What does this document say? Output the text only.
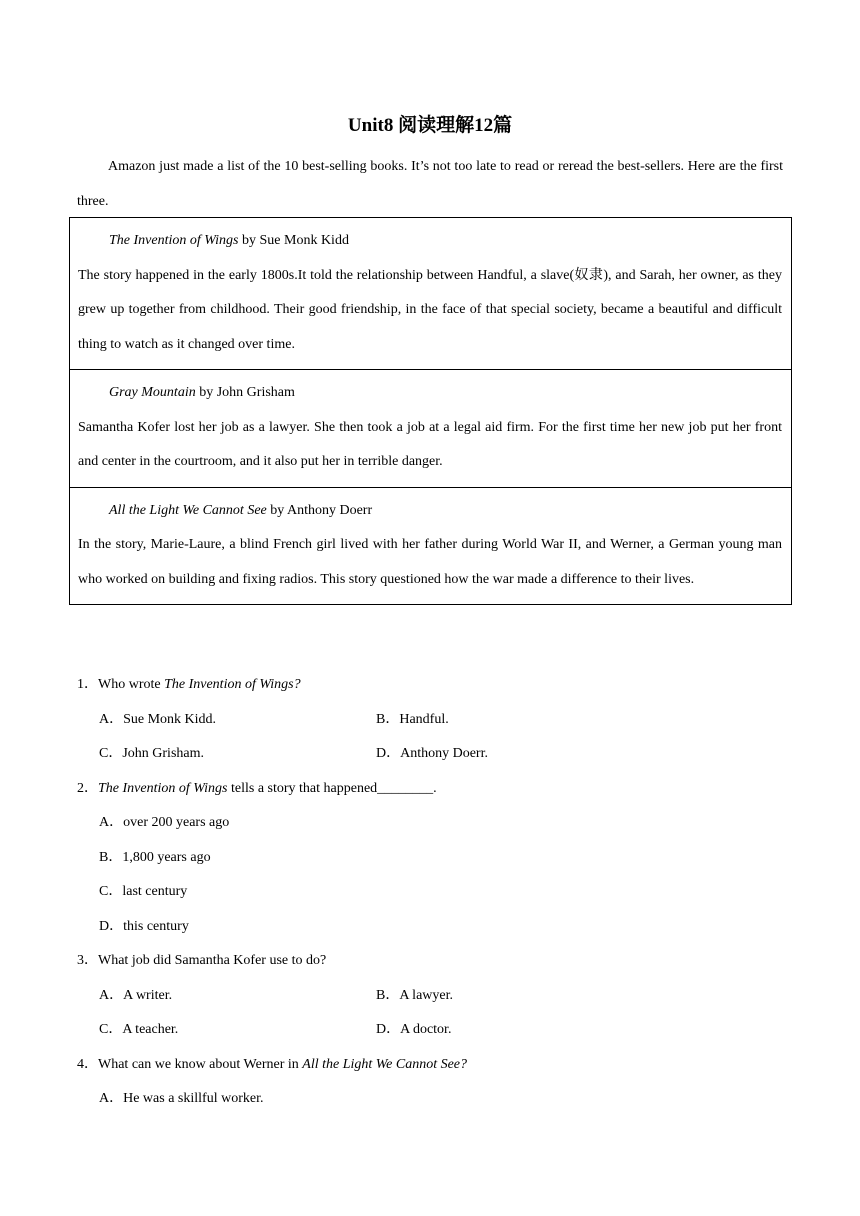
Unit8 阅读理解12篇

Amazon just made a list of the 10 best-selling books. It’s not too late to read or reread the best-sellers. Here are the first three.

The Invention of Wings by Sue Monk Kidd

The story happened in the early 1800s.It told the relationship between Handful, a slave(奴隶), and Sarah, her owner, as they grew up together from childhood. Their good friendship, in the face of that special society, became a beautiful and difficult thing to watch as it changed over time.

Gray Mountain by John Grisham

Samantha Kofer lost her job as a lawyer. She then took a job at a legal aid firm. For the first time her new job put her front and center in the courtroom, and it also put her in terrible danger.

All the Light We Cannot See by Anthony Doerr

In the story, Marie-Laure, a blind French girl lived with her father during World War II, and Werner, a German young man who worked on building and fixing radios. This story questioned how the war made a difference to their lives.

1．Who wrote The Invention of Wings?

A．Sue Monk Kidd.	B．Handful.
C．John Grisham.	D．Anthony Doerr.

2．The Invention of Wings tells a story that happened________.

A．over 200 years ago
B．1,800 years ago
C．last century
D．this century

3．What job did Samantha Kofer use to do?

A．A writer.	B．A lawyer.
C．A teacher.	D．A doctor.

4．What can we know about Werner in All the Light We Cannot See?

A．He was a skillful worker.
